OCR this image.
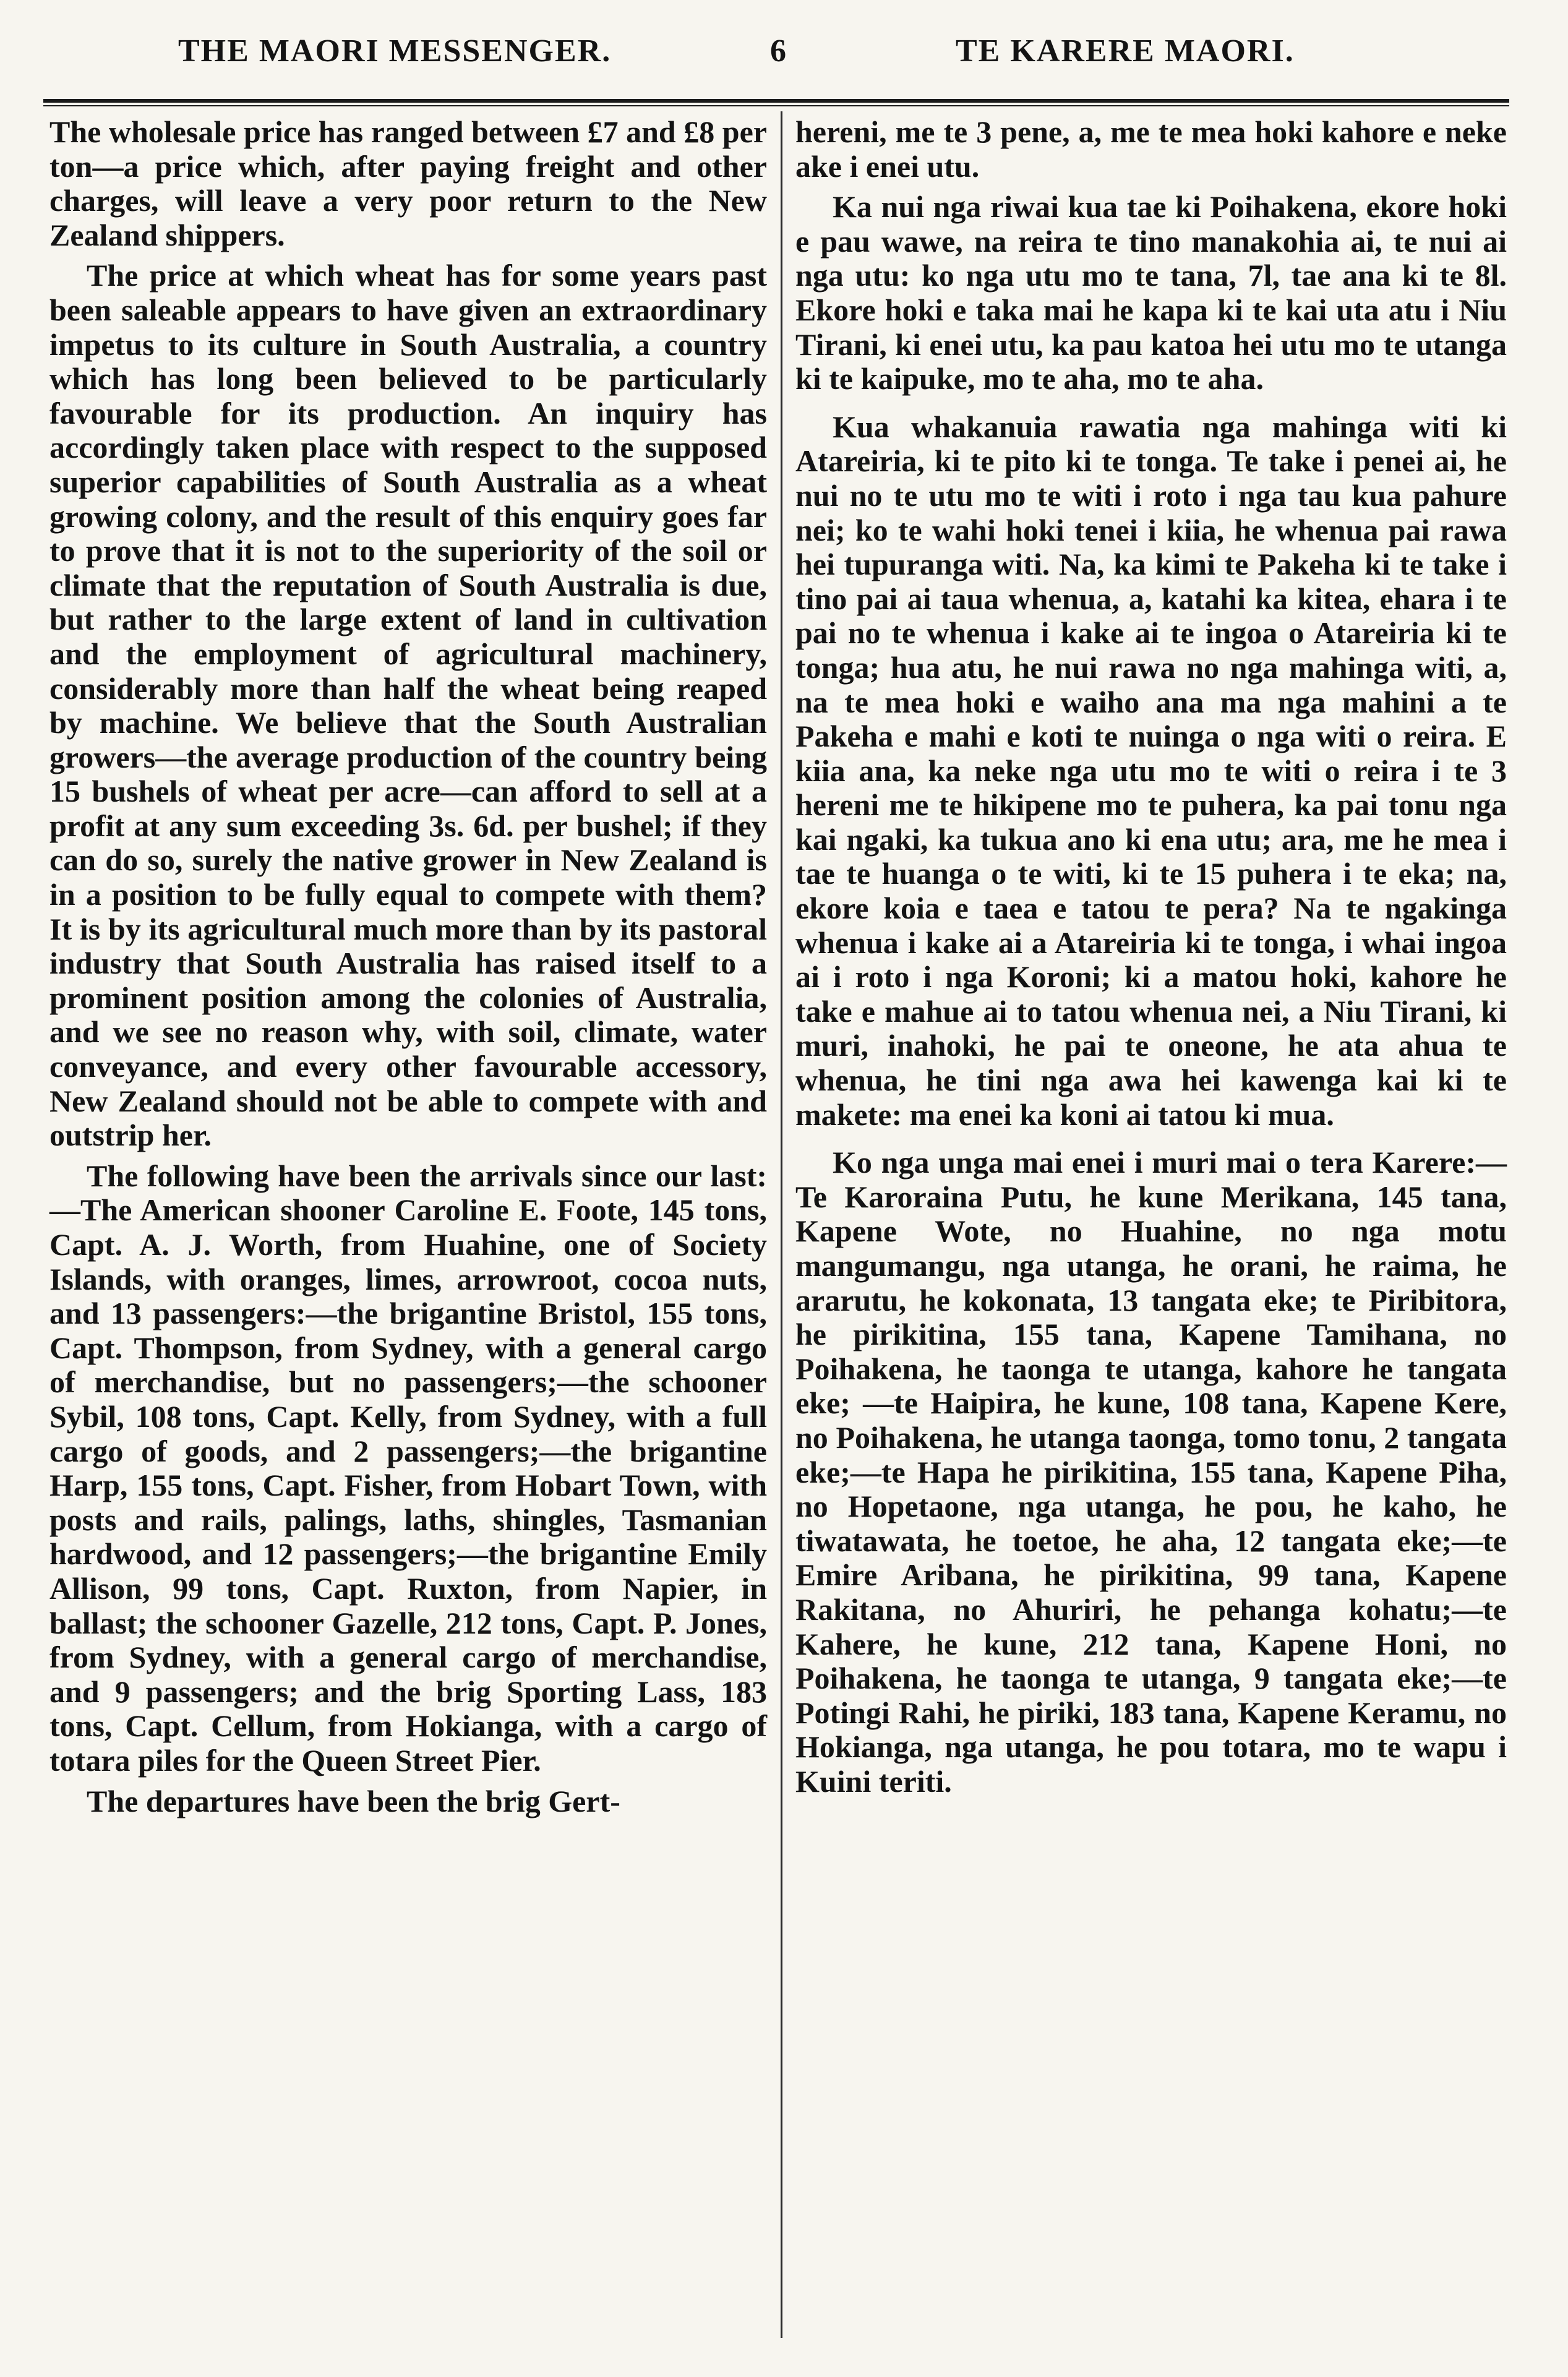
THE MAORI MESSENGER.	6	TE KARERE MAORI.

The wholesale price has ranged between £7 and £8 per ton—a price which, after paying freight and other charges, will leave a very poor return to the New Zealand shippers.

The price at which wheat has for some years past been saleable appears to have given an extraordinary impetus to its culture in South Australia, a country which has long been believed to be particularly favourable for its production. An inquiry has accordingly taken place with respect to the supposed superior capabilities of South Australia as a wheat growing colony, and the result of this enquiry goes far to prove that it is not to the superiority of the soil or climate that the reputation of South Australia is due, but rather to the large extent of land in cultivation and the employment of agricultural machinery, considerably more than half the wheat being reaped by machine. We believe that the South Australian growers—the average production of the country being 15 bushels of wheat per acre—can afford to sell at a profit at any sum exceeding 3s. 6d. per bushel; if they can do so, surely the native grower in New Zealand is in a position to be fully equal to compete with them? It is by its agricultural much more than by its pastoral industry that South Australia has raised itself to a prominent position among the colonies of Australia, and we see no reason why, with soil, climate, water conveyance, and every other favourable accessory, New Zealand should not be able to compete with and outstrip her.

The following have been the arrivals since our last:—The American shooner Caroline E. Foote, 145 tons, Capt. A. J. Worth, from Huahine, one of Society Islands, with oranges, limes, arrowroot, cocoa nuts, and 13 passengers:—the brigantine Bristol, 155 tons, Capt. Thompson, from Sydney, with a general cargo of merchandise, but no passengers;—the schooner Sybil, 108 tons, Capt. Kelly, from Sydney, with a full cargo of goods, and 2 passengers;—the brigantine Harp, 155 tons, Capt. Fisher, from Hobart Town, with posts and rails, palings, laths, shingles, Tasmanian hardwood, and 12 passengers;—the brigantine Emily Allison, 99 tons, Capt. Ruxton, from Napier, in ballast; the schooner Gazelle, 212 tons, Capt. P. Jones, from Sydney, with a general cargo of merchandise, and 9 passengers; and the brig Sporting Lass, 183 tons, Capt. Cellum, from Hokianga, with a cargo of totara piles for the Queen Street Pier.

The departures have been the brig Gert-

herenі, me te 3 pene, a, me te mea hoki kahore e neke ake i enei utu.

Ka nui nga riwai kua tae ki Poihakena, ekore hoki e pau wawe, na reira te tino manakohia ai, te nui ai nga utu: ko nga utu mo te tana, 7l, tae ana ki te 8l. Ekore hoki e taka mai he kapa ki te kai uta atu i Niu Tirani, ki enei utu, ka pau katoa hei utu mo te utanga ki te kaipuke, mo te aha, mo te aha.

Kua whakanuia rawatia nga mahinga witi ki Atareiria, ki te pito ki te tonga. Te take i penei ai, he nui no te utu mo te witi i roto i nga tau kua pahure nei; ko te wahi hoki tenei i kiia, he whenua pai rawa hei tupuranga witi. Na, ka kimi te Pakeha ki te take i tino pai ai taua whenua, a, katahi ka kitea, ehara i te pai no te whenua i kake ai te ingoa o Atareiria ki te tonga; hua atu, he nui rawa no nga mahinga witi, a, na te mea hoki e waiho ana ma nga mahini a te Pakeha e mahi e koti te nuinga o nga witi o reira. E kiia ana, ka neke nga utu mo te witi o reira i te 3 herenі me te hikipene mo te puhera, ka pai tonu nga kai ngaki, ka tukua ano ki ena utu; ara, me he mea i tae te huanga o te witi, ki te 15 puhera i te eka; na, ekore koia e taea e tatou te pera? Na te ngakinga whenua i kake ai a Atareiria ki te tonga, i whai ingoa ai i roto i nga Koroni; ki a matou hoki, kahore he take e mahue ai to tatou whenua nei, a Niu Tirani, ki muri, inahoki, he pai te oneone, he ata ahua te whenua, he tini nga awa hei kawenga kai ki te makete: ma enei ka koni ai tatou ki mua.

Ko nga unga mai enei i muri mai o tera Karere:—Te Karoraina Putu, he kune Merikana, 145 tana, Kapene Wote, no Huahine, no nga motu mangumangu, nga utanga, he orani, he raima, he ararutu, he kokonata, 13 tangata eke; te Piribitora, he pirikitina, 155 tana, Kapene Tamihana, no Poihakena, he taonga te utanga, kahore he tangata eke; —te Haipira, he kune, 108 tana, Kapene Kere, no Poihakena, he utanga taonga, tomo tonu, 2 tangata eke;—te Hapa he pirikitina, 155 tana, Kapene Piha, no Hopetaone, nga utanga, he pou, he kaho, he tiwatawata, he toetoe, he aha, 12 tangata eke;—te Emire Aribana, he pirikitina, 99 tana, Kapene Rakitana, no Ahuriri, he pehanga kohatu;—te Kahere, he kune, 212 tana, Kapene Honi, no Poihakena, he taonga te utanga, 9 tangata eke;—te Potingi Rahi, he piriki, 183 tana, Kapene Keramu, no Hokianga, nga utanga, he pou totara, mo te wapu i Kuini teriti.
